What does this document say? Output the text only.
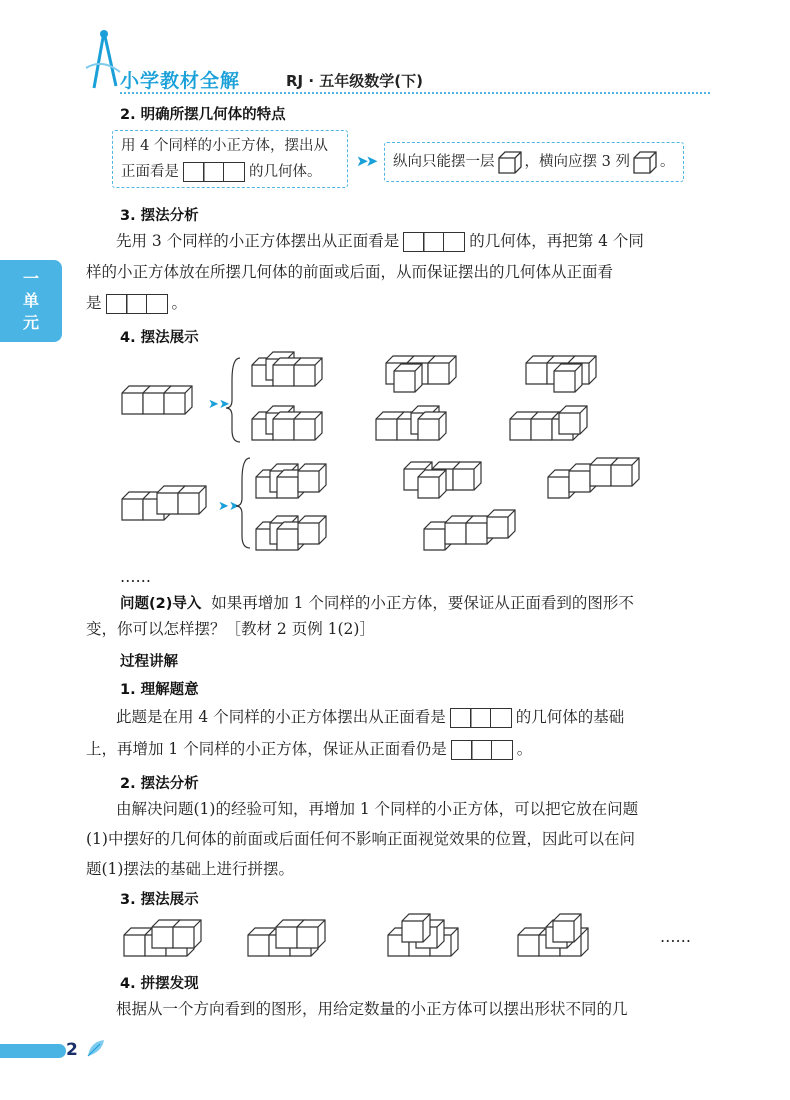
小学教材全解	RJ · 五年级数学(下)
一
单
元
2. 明确所摆几何体的特点
用 4 个同样的小正方体，摆出从
正面看是	的几何体。
➤➤ 纵向只能摆一层 ，横向应摆 3 列 。
3. 摆法分析
先用 3 个同样的小正方体摆出从正面看是	的几何体，再把第 4 个同
样的小正方体放在所摆几何体的前面或后面，从而保证摆出的几何体从正面看
是	。
4. 摆法展示
➤➤
➤➤
……
问题(2)导入 如果再增加 1 个同样的小正方体，要保证从正面看到的图形不
变，你可以怎样摆？［教材 2 页例 1(2)］
过程讲解
1. 理解题意
此题是在用 4 个同样的小正方体摆出从正面看是	的几何体的基础
上，再增加 1 个同样的小正方体，保证从正面看仍是	。
2. 摆法分析
由解决问题(1)的经验可知，再增加 1 个同样的小正方体，可以把它放在问题
(1)中摆好的几何体的前面或后面任何不影响正面视觉效果的位置，因此可以在问
题(1)摆法的基础上进行拼摆。
3. 摆法展示
……
4. 拼摆发现
根据从一个方向看到的图形，用给定数量的小正方体可以摆出形状不同的几
2
